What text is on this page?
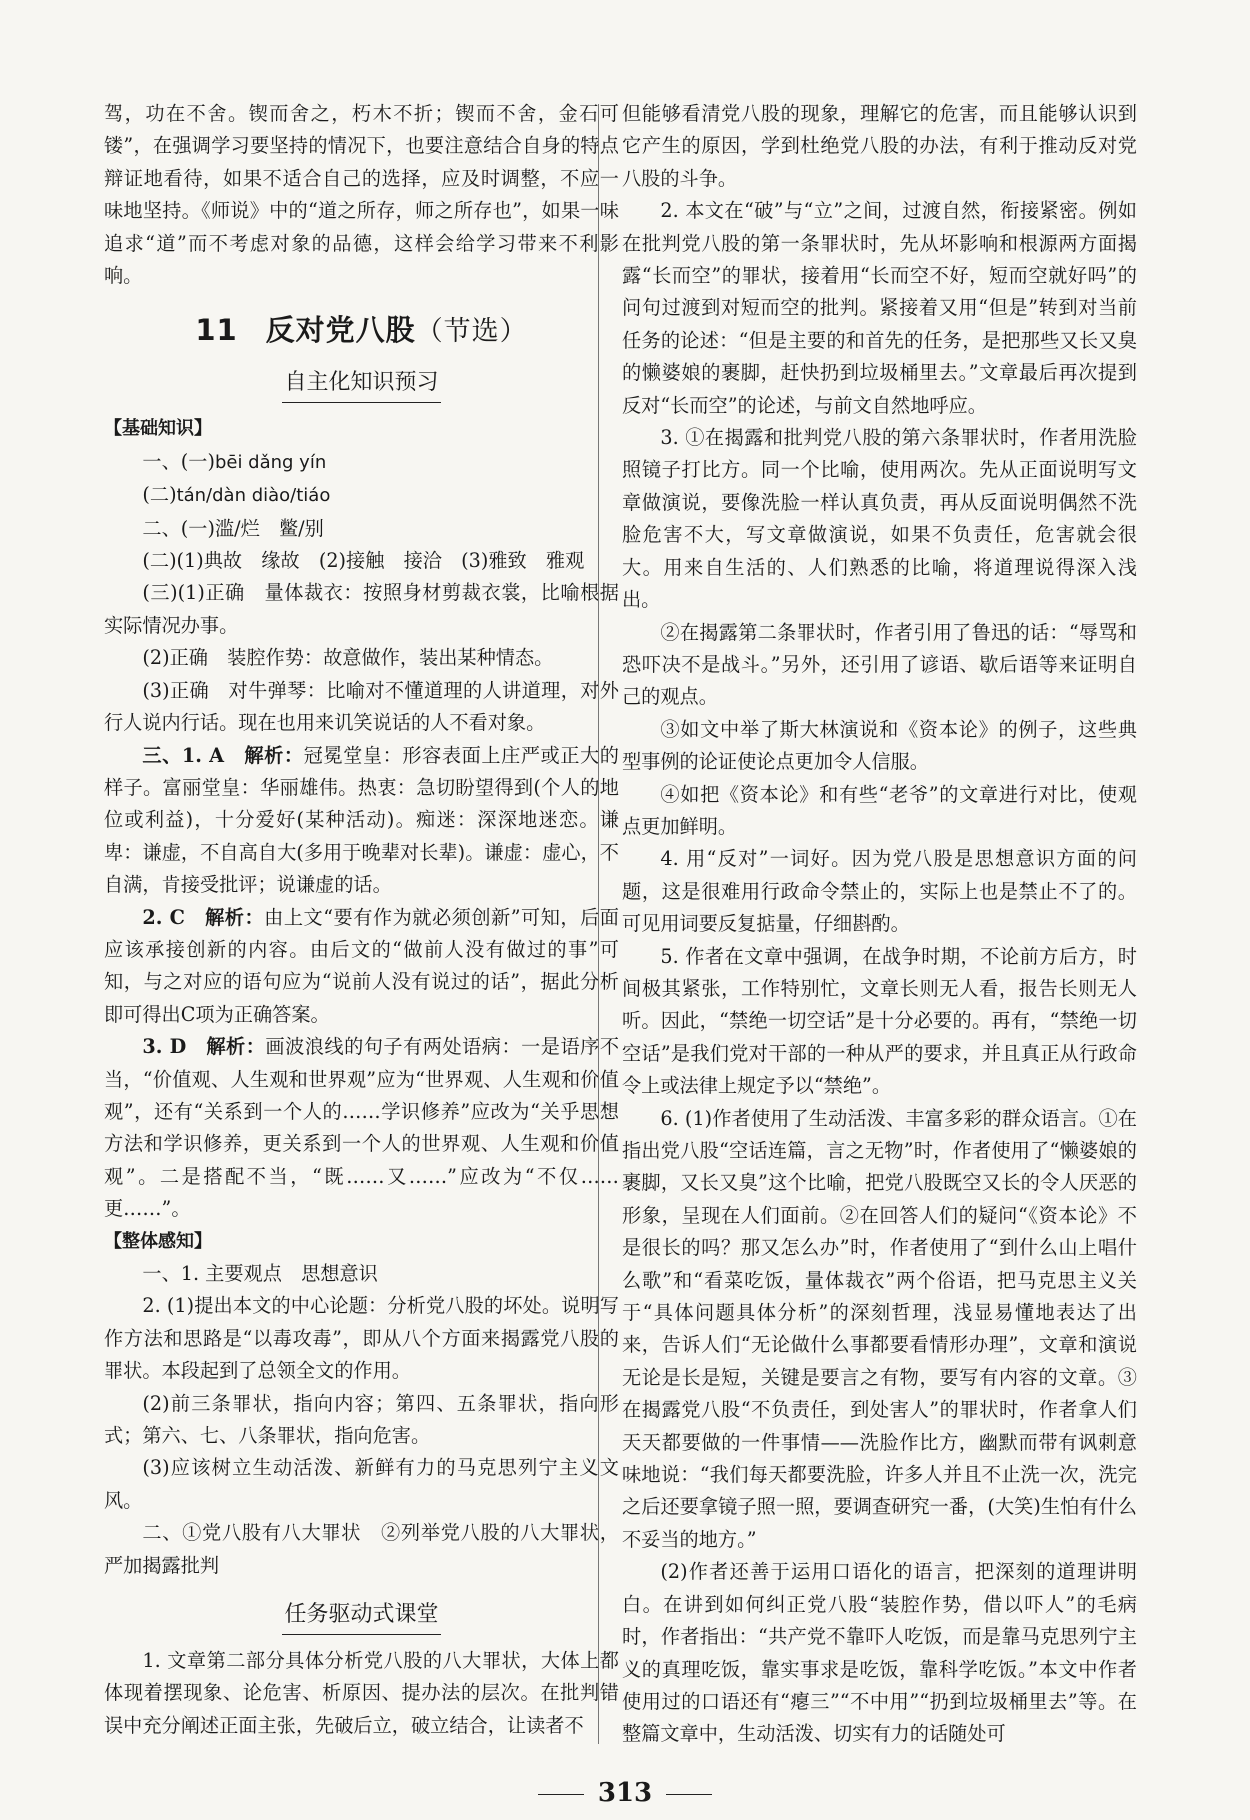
驾，功在不舍。锲而舍之，朽木不折；锲而不舍，金石可镂”，在强调学习要坚持的情况下，也要注意结合自身的特点辩证地看待，如果不适合自己的选择，应及时调整，不应一味地坚持。《师说》中的“道之所存，师之所存也”，如果一味追求“道”而不考虑对象的品德，这样会给学习带来不利影响。

11 反对党八股（节选）
自主化知识预习

【基础知识】

一、(一)bēi dǎng yín

(二)tán/dàn diào/tiáo

二、(一)滥/烂　鳖/别

(二)(1)典故　缘故　(2)接触　接洽　(3)雅致　雅观

(三)(1)正确　量体裁衣：按照身材剪裁衣裳，比喻根据实际情况办事。

(2)正确　装腔作势：故意做作，装出某种情态。

(3)正确　对牛弹琴：比喻对不懂道理的人讲道理，对外行人说内行话。现在也用来讥笑说话的人不看对象。

三、1. A　解析：冠冕堂皇：形容表面上庄严或正大的样子。富丽堂皇：华丽雄伟。热衷：急切盼望得到(个人的地位或利益)，十分爱好(某种活动)。痴迷：深深地迷恋。谦卑：谦虚，不自高自大(多用于晚辈对长辈)。谦虚：虚心，不自满，肯接受批评；说谦虚的话。

2. C　解析：由上文“要有作为就必须创新”可知，后面应该承接创新的内容。由后文的“做前人没有做过的事”可知，与之对应的语句应为“说前人没有说过的话”，据此分析即可得出C项为正确答案。

3. D　解析：画波浪线的句子有两处语病：一是语序不当，“价值观、人生观和世界观”应为“世界观、人生观和价值观”，还有“关系到一个人的……学识修养”应改为“关乎思想方法和学识修养，更关系到一个人的世界观、人生观和价值观”。二是搭配不当，“既……又……”应改为“不仅……更……”。

【整体感知】

一、1. 主要观点　思想意识

2. (1)提出本文的中心论题：分析党八股的坏处。说明写作方法和思路是“以毒攻毒”，即从八个方面来揭露党八股的罪状。本段起到了总领全文的作用。

(2)前三条罪状，指向内容；第四、五条罪状，指向形式；第六、七、八条罪状，指向危害。

(3)应该树立生动活泼、新鲜有力的马克思列宁主义文风。

二、①党八股有八大罪状　②列举党八股的八大罪状，严加揭露批判

任务驱动式课堂

1. 文章第二部分具体分析党八股的八大罪状，大体上都体现着摆现象、论危害、析原因、提办法的层次。在批判错误中充分阐述正面主张，先破后立，破立结合，让读者不

但能够看清党八股的现象，理解它的危害，而且能够认识到它产生的原因，学到杜绝党八股的办法，有利于推动反对党八股的斗争。

2. 本文在“破”与“立”之间，过渡自然，衔接紧密。例如在批判党八股的第一条罪状时，先从坏影响和根源两方面揭露“长而空”的罪状，接着用“长而空不好，短而空就好吗”的问句过渡到对短而空的批判。紧接着又用“但是”转到对当前任务的论述：“但是主要的和首先的任务，是把那些又长又臭的懒婆娘的裹脚，赶快扔到垃圾桶里去。”文章最后再次提到反对“长而空”的论述，与前文自然地呼应。

3. ①在揭露和批判党八股的第六条罪状时，作者用洗脸照镜子打比方。同一个比喻，使用两次。先从正面说明写文章做演说，要像洗脸一样认真负责，再从反面说明偶然不洗脸危害不大，写文章做演说，如果不负责任，危害就会很大。用来自生活的、人们熟悉的比喻，将道理说得深入浅出。

②在揭露第二条罪状时，作者引用了鲁迅的话：“辱骂和恐吓决不是战斗。”另外，还引用了谚语、歇后语等来证明自己的观点。

③如文中举了斯大林演说和《资本论》的例子，这些典型事例的论证使论点更加令人信服。

④如把《资本论》和有些“老爷”的文章进行对比，使观点更加鲜明。

4. 用“反对”一词好。因为党八股是思想意识方面的问题，这是很难用行政命令禁止的，实际上也是禁止不了的。可见用词要反复掂量，仔细斟酌。

5. 作者在文章中强调，在战争时期，不论前方后方，时间极其紧张，工作特别忙，文章长则无人看，报告长则无人听。因此，“禁绝一切空话”是十分必要的。再有，“禁绝一切空话”是我们党对干部的一种从严的要求，并且真正从行政命令上或法律上规定予以“禁绝”。

6. (1)作者使用了生动活泼、丰富多彩的群众语言。①在指出党八股“空话连篇，言之无物”时，作者使用了“懒婆娘的裹脚，又长又臭”这个比喻，把党八股既空又长的令人厌恶的形象，呈现在人们面前。②在回答人们的疑问“《资本论》不是很长的吗？那又怎么办”时，作者使用了“到什么山上唱什么歌”和“看菜吃饭，量体裁衣”两个俗语，把马克思主义关于“具体问题具体分析”的深刻哲理，浅显易懂地表达了出来，告诉人们“无论做什么事都要看情形办理”，文章和演说无论是长是短，关键是要言之有物，要写有内容的文章。③在揭露党八股“不负责任，到处害人”的罪状时，作者拿人们天天都要做的一件事情——洗脸作比方，幽默而带有讽刺意味地说：“我们每天都要洗脸，许多人并且不止洗一次，洗完之后还要拿镜子照一照，要调查研究一番，(大笑)生怕有什么不妥当的地方。”

(2)作者还善于运用口语化的语言，把深刻的道理讲明白。在讲到如何纠正党八股“装腔作势，借以吓人”的毛病时，作者指出：“共产党不靠吓人吃饭，而是靠马克思列宁主义的真理吃饭，靠实事求是吃饭，靠科学吃饭。”本文中作者使用过的口语还有“瘪三”“不中用”“扔到垃圾桶里去”等。在整篇文章中，生动活泼、切实有力的话随处可

313
